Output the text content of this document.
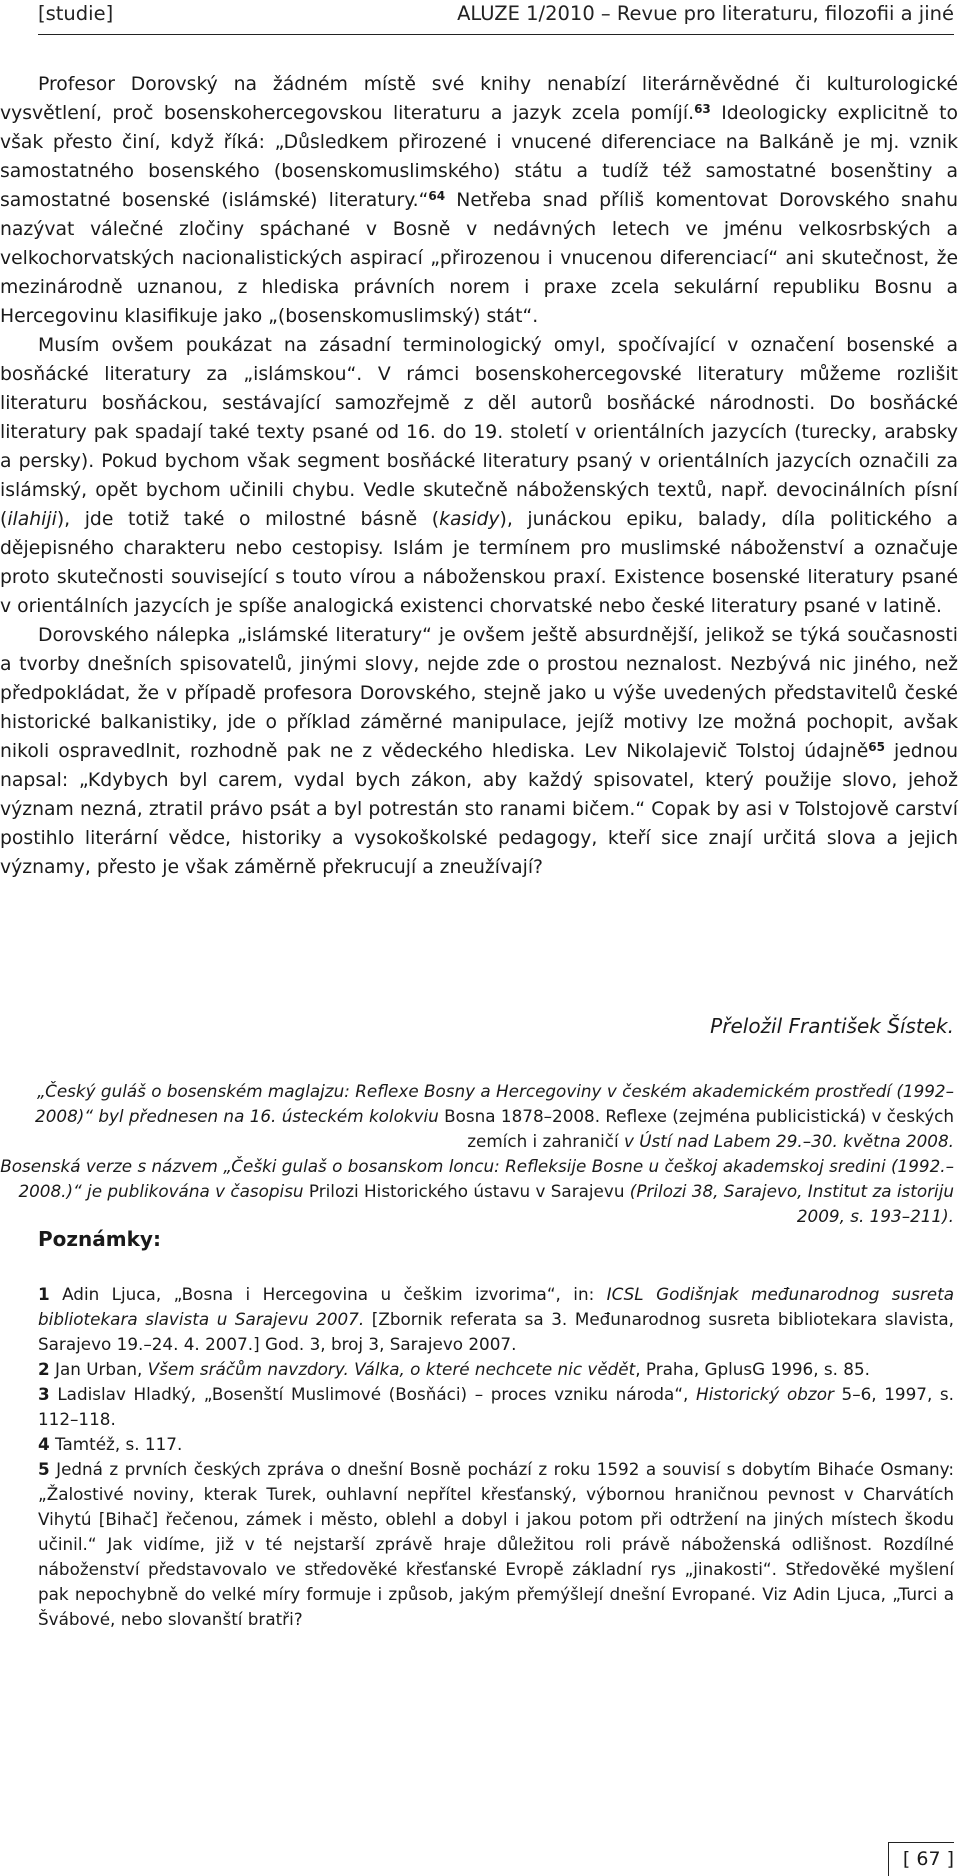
[studie]	ALUZE 1/2010 – Revue pro literaturu, filozofii a jiné

Profesor Dorovský na žádném místě své knihy nenabízí literárněvědné či kulturologické vysvětlení, proč bosenskohercegovskou literaturu a jazyk zcela pomíjí.$^{63}$ Ideologicky explicitně to však přesto činí, když říká: „Důsledkem přirozené i vnucené diferenciace na Balkáně je mj. vznik samostatného bosenského (bosenskomuslimského) státu a tudíž též samostatné bosenštiny a samostatné bosenské (islámské) literatury.“$^{64}$ Netřeba snad příliš komentovat Dorovského snahu nazývat válečné zločiny spáchané v Bosně v nedávných letech ve jménu velkosrbských a velkochorvatských nacionalistických aspirací „přirozenou i vnucenou diferenciací“ ani skutečnost, že mezinárodně uznanou, z hlediska právních norem i praxe zcela sekulární republiku Bosnu a Hercegovinu klasifikuje jako „(bosenskomuslimský) stát“.

Musím ovšem poukázat na zásadní terminologický omyl, spočívající v označení bosenské a bosňácké literatury za „islámskou“. V rámci bosenskohercegovské literatury můžeme rozlišit literaturu bosňáckou, sestávající samozřejmě z děl autorů bosňácké národnosti. Do bosňácké literatury pak spadají také texty psané od 16. do 19. století v orientálních jazycích (turecky, arabsky a persky). Pokud bychom však segment bosňácké literatury psaný v orientálních jazycích označili za islámský, opět bychom učinili chybu. Vedle skutečně náboženských textů, např. devocinálních písní (ilahiji), jde totiž také o milostné básně (kasidy), junáckou epiku, balady, díla politického a dějepisného charakteru nebo cestopisy. Islám je termínem pro muslimské náboženství a označuje proto skutečnosti související s touto vírou a náboženskou praxí. Existence bosenské literatury psané v orientálních jazycích je spíše analogická existenci chorvatské nebo české literatury psané v latině.

Dorovského nálepka „islámské literatury“ je ovšem ještě absurdnější, jelikož se týká současnosti a tvorby dnešních spisovatelů, jinými slovy, nejde zde o prostou neznalost. Nezbývá nic jiného, než předpokládat, že v případě profesora Dorovského, stejně jako u výše uvedených představitelů české historické balkanistiky, jde o příklad záměrné manipulace, jejíž motivy lze možná pochopit, avšak nikoli ospravedlnit, rozhodně pak ne z vědeckého hlediska. Lev Nikolajevič Tolstoj údajně$^{65}$ jednou napsal: „Kdybych byl carem, vydal bych zákon, aby každý spisovatel, který použije slovo, jehož význam nezná, ztratil právo psát a byl potrestán sto ranami bičem.“ Copak by asi v Tolstojově carství postihlo literární vědce, historiky a vysokoškolské pedagogy, kteří sice znají určitá slova a jejich významy, přesto je však záměrně překrucují a zneužívají?

Přeložil František Šístek.

„Český guláš o bosenském maglajzu: Reflexe Bosny a Hercegoviny v českém akademickém prostředí (1992–2008)“ byl přednesen na 16. ústeckém kolokviu Bosna 1878–2008. Reflexe (zejména publicistická) v českých zemích i zahraničí v Ústí nad Labem 29.–30. května 2008.

Bosenská verze s názvem „Češki gulaš o bosanskom loncu: Refleksije Bosne u češkoj akademskoj sredini (1992.–2008.)“ je publikována v časopisu Prilozi Historického ústavu v Sarajevu (Prilozi 38, Sarajevo, Institut za istoriju 2009, s. 193–211).

Poznámky:

1 Adin Ljuca, „Bosna i Hercegovina u češkim izvorima“, in: ICSL Godišnjak međunarodnog susreta bibliotekara slavista u Sarajevu 2007. [Zbornik referata sa 3. Međunarodnog susreta bibliotekara slavista, Sarajevo 19.–24. 4. 2007.] God. 3, broj 3, Sarajevo 2007.

2 Jan Urban, Všem sráčům navzdory. Válka, o které nechcete nic vědět, Praha, GplusG 1996, s. 85.

3 Ladislav Hladký, „Bosenští Muslimové (Bosňáci) – proces vzniku národa“, Historický obzor 5–6, 1997, s. 112–118.

4 Tamtéž, s. 117.

5 Jedná z prvních českých zpráva o dnešní Bosně pochází z roku 1592 a souvisí s dobytím Bihaće Osmany: „Žalostivé noviny, kterak Turek, ouhlavní nepřítel křesťanský, výbornou hraničnou pevnost v Charvátích Vihytú [Bihač] řečenou, zámek i město, oblehl a dobyl i jakou potom při odtržení na jiných místech škodu učinil.“ Jak vidíme, již v té nejstarší zprávě hraje důležitou roli právě náboženská odlišnost. Rozdílné náboženství představovalo ve středověké křesťanské Evropě základní rys „jinakosti“. Středověké myšlení pak nepochybně do velké míry formuje i způsob, jakým přemýšlejí dnešní Evropané. Viz Adin Ljuca, „Turci a Švábové, nebo slovanští bratři?

[ 67 ]
